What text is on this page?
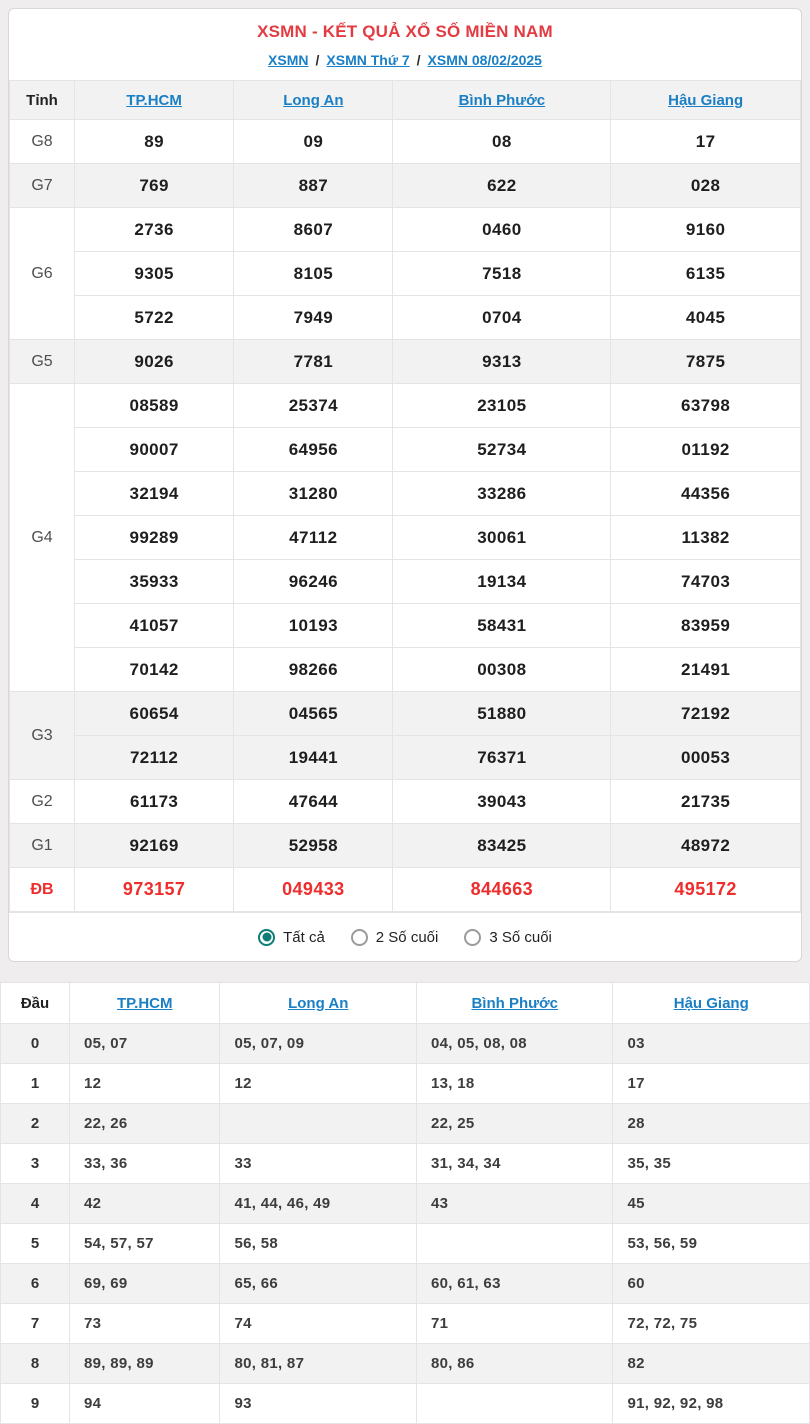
XSMN - KẾT QUẢ XỔ SỐ MIỀN NAM
XSMN / XSMN Thứ 7 / XSMN 08/02/2025
Tỉnh	TP.HCM	Long An	Bình Phước	Hậu Giang
G8	89	09	08	17
G7	769	887	622	028
G6	2736	8607	0460	9160
	9305	8105	7518	6135
	5722	7949	0704	4045
G5	9026	7781	9313	7875
G4	08589	25374	23105	63798
	90007	64956	52734	01192
	32194	31280	33286	44356
	99289	47112	30061	11382
	35933	96246	19134	74703
	41057	10193	58431	83959
	70142	98266	00308	21491
G3	60654	04565	51880	72192
	72112	19441	76371	00053
G2	61173	47644	39043	21735
G1	92169	52958	83425	48972
ĐB	973157	049433	844663	495172
Tất cả	2 Số cuối	3 Số cuối
Đầu	TP.HCM	Long An	Bình Phước	Hậu Giang
0	05, 07	05, 07, 09	04, 05, 08, 08	03
1	12	12	13, 18	17
2	22, 26		22, 25	28
3	33, 36	33	31, 34, 34	35, 35
4	42	41, 44, 46, 49	43	45
5	54, 57, 57	56, 58		53, 56, 59
6	69, 69	65, 66	60, 61, 63	60
7	73	74	71	72, 72, 75
8	89, 89, 89	80, 81, 87	80, 86	82
9	94	93		91, 92, 92, 98
